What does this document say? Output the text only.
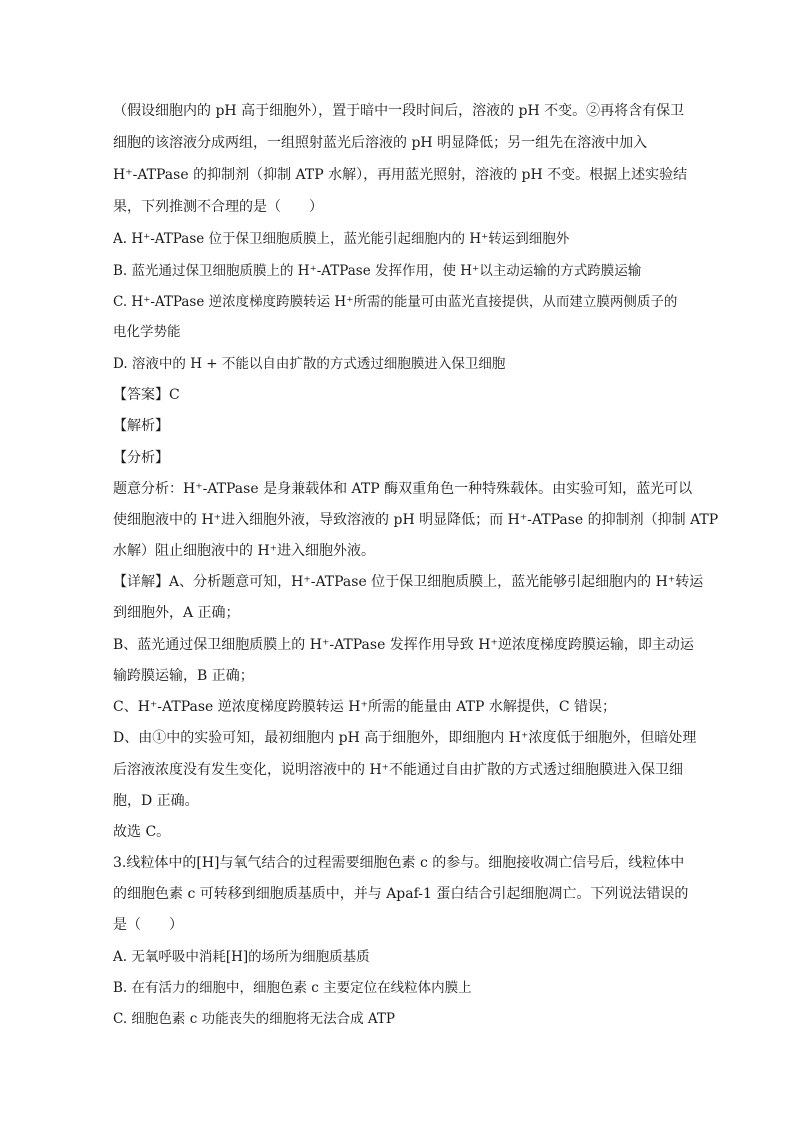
（假设细胞内的 pH 高于细胞外），置于暗中一段时间后，溶液的 pH 不变。②再将含有保卫
细胞的该溶液分成两组，一组照射蓝光后溶液的 pH 明显降低；另一组先在溶液中加入
H⁺-ATPase 的抑制剂（抑制 ATP 水解），再用蓝光照射，溶液的 pH 不变。根据上述实验结
果，下列推测不合理的是（　　）
A. H⁺-ATPase 位于保卫细胞质膜上，蓝光能引起细胞内的 H⁺转运到细胞外
B. 蓝光通过保卫细胞质膜上的 H⁺-ATPase 发挥作用，使 H⁺以主动运输的方式跨膜运输
C. H⁺-ATPase 逆浓度梯度跨膜转运 H⁺所需的能量可由蓝光直接提供，从而建立膜两侧质子的
电化学势能
D. 溶液中的 H + 不能以自由扩散的方式透过细胞膜进入保卫细胞
【答案】C
【解析】
【分析】
题意分析：H⁺-ATPase 是身兼载体和 ATP 酶双重角色一种特殊载体。由实验可知，蓝光可以
使细胞液中的 H⁺进入细胞外液，导致溶液的 pH 明显降低；而 H⁺-ATPase 的抑制剂（抑制 ATP
水解）阻止细胞液中的 H⁺进入细胞外液。
【详解】A、分析题意可知，H⁺-ATPase 位于保卫细胞质膜上，蓝光能够引起细胞内的 H⁺转运
到细胞外，A 正确；
B、蓝光通过保卫细胞质膜上的 H⁺-ATPase 发挥作用导致 H⁺逆浓度梯度跨膜运输，即主动运
输跨膜运输，B 正确；
C、H⁺-ATPase 逆浓度梯度跨膜转运 H⁺所需的能量由 ATP 水解提供，C 错误；
D、由①中的实验可知，最初细胞内 pH 高于细胞外，即细胞内 H⁺浓度低于细胞外，但暗处理
后溶液浓度没有发生变化，说明溶液中的 H⁺不能通过自由扩散的方式透过细胞膜进入保卫细
胞，D 正确。
故选 C。
3.线粒体中的[H]与氧气结合的过程需要细胞色素 c 的参与。细胞接收凋亡信号后，线粒体中
的细胞色素 c 可转移到细胞质基质中，并与 Apaf-1 蛋白结合引起细胞凋亡。下列说法错误的
是（　　）
A. 无氧呼吸中消耗[H]的场所为细胞质基质
B. 在有活力的细胞中，细胞色素 c 主要定位在线粒体内膜上
C. 细胞色素 c 功能丧失的细胞将无法合成 ATP
